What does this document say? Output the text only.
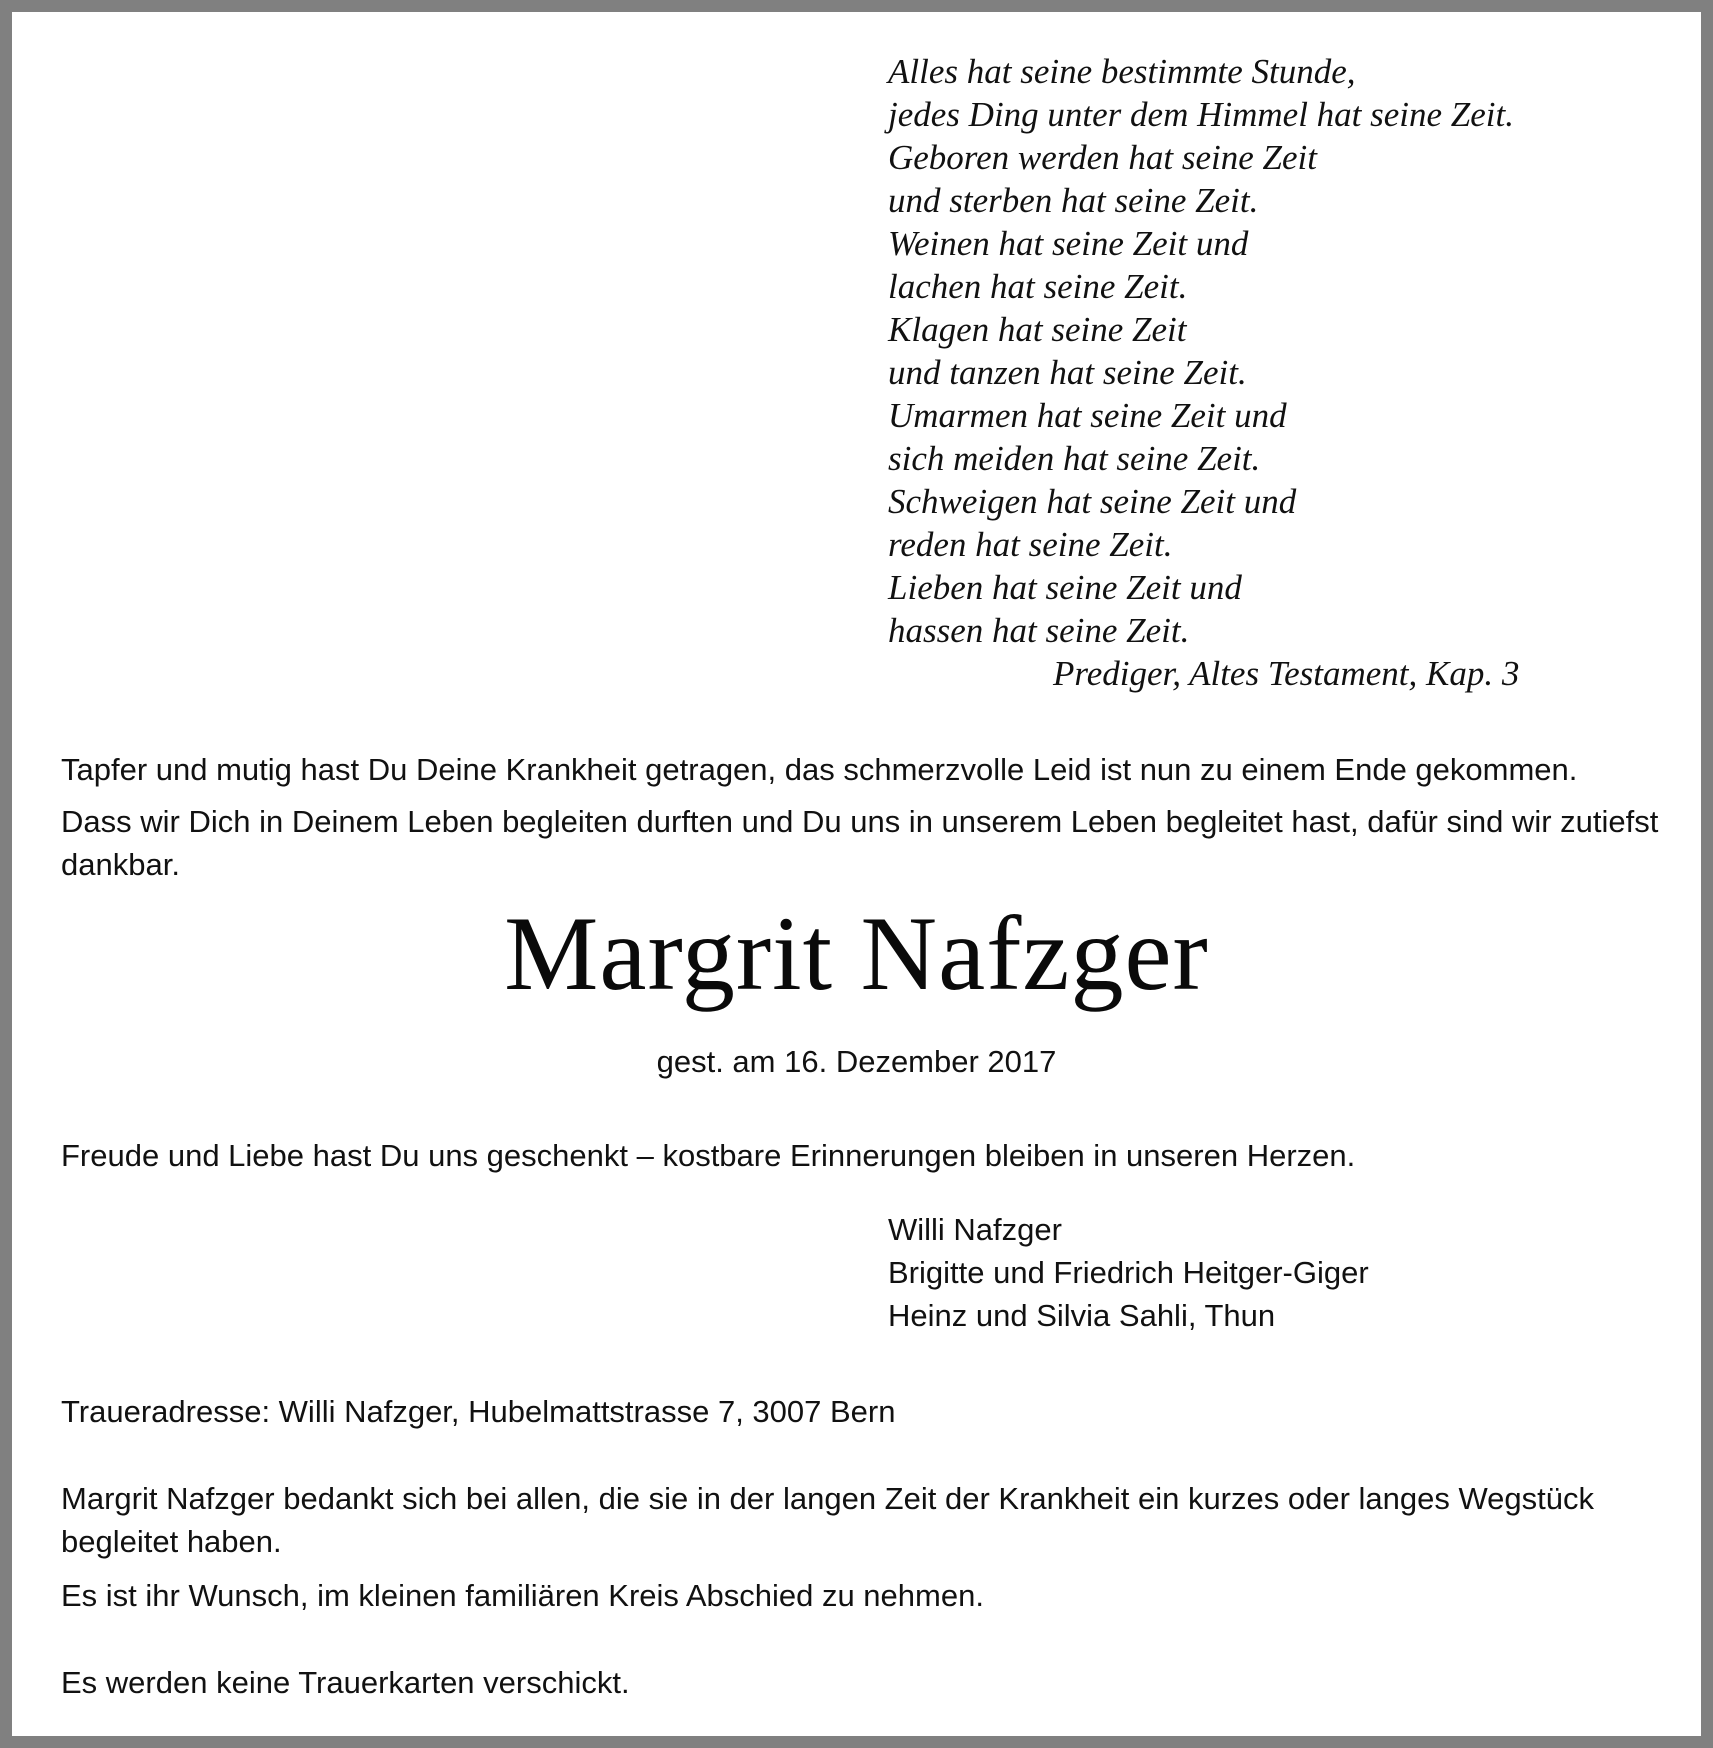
Alles hat seine bestimmte Stunde,
jedes Ding unter dem Himmel hat seine Zeit.
Geboren werden hat seine Zeit
und sterben hat seine Zeit.
Weinen hat seine Zeit und
lachen hat seine Zeit.
Klagen hat seine Zeit
und tanzen hat seine Zeit.
Umarmen hat seine Zeit und
sich meiden hat seine Zeit.
Schweigen hat seine Zeit und
reden hat seine Zeit.
Lieben hat seine Zeit und
hassen hat seine Zeit.
Prediger, Altes Testament, Kap. 3
Tapfer und mutig hast Du Deine Krankheit getragen, das schmerzvolle Leid ist nun zu einem Ende gekommen.
Dass wir Dich in Deinem Leben begleiten durften und Du uns in unserem Leben begleitet hast, dafür sind wir zutiefst dankbar.
Margrit Nafzger
gest. am 16. Dezember 2017
Freude und Liebe hast Du uns geschenkt – kostbare Erinnerungen bleiben in unseren Herzen.
Willi Nafzger
Brigitte und Friedrich Heitger-Giger
Heinz und Silvia Sahli, Thun
Traueradresse: Willi Nafzger, Hubelmattstrasse 7, 3007 Bern
Margrit Nafzger bedankt sich bei allen, die sie in der langen Zeit der Krankheit ein kurzes oder langes Wegstück begleitet haben.
Es ist ihr Wunsch, im kleinen familiären Kreis Abschied zu nehmen.
Es werden keine Trauerkarten verschickt.
